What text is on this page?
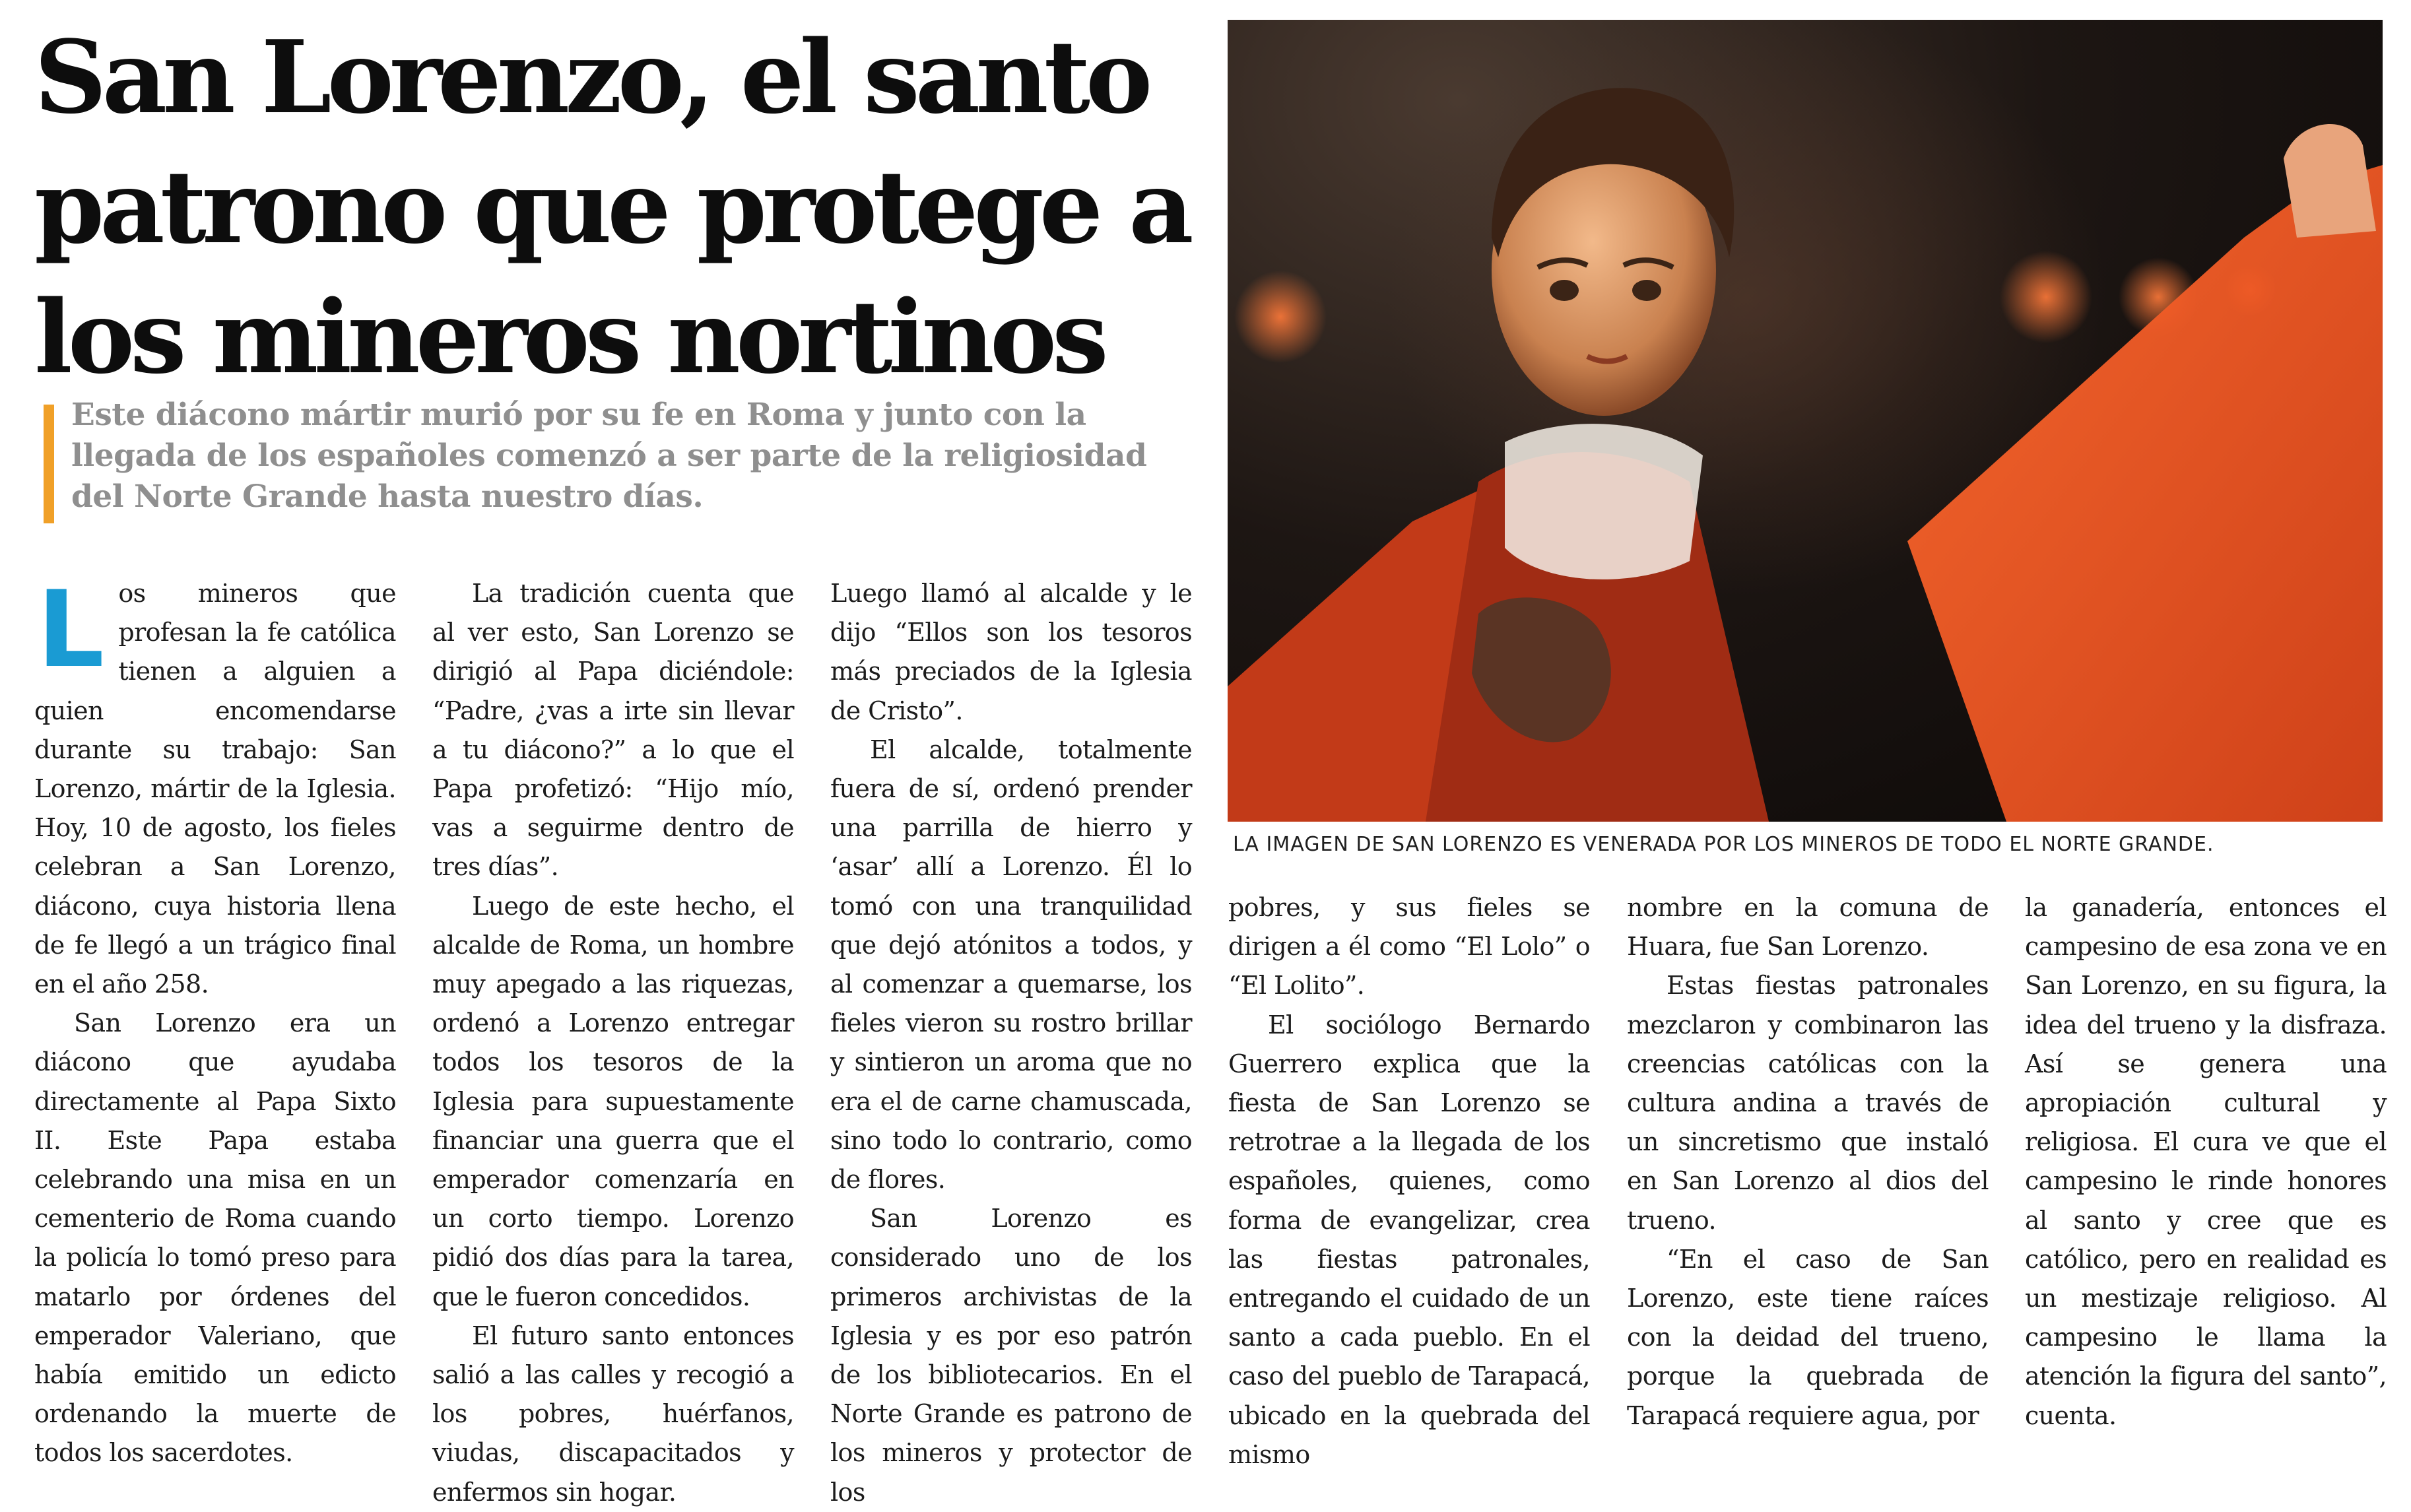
San Lorenzo, el santo patrono que protege a los mineros nortinos

Este diácono mártir murió por su fe en Roma y junto con la llegada de los españoles comenzó a ser parte de la religiosidad del Norte Grande hasta nuestro días.

Los mineros que profesan la fe católica tienen a alguien a quien encomendarse durante su trabajo: San Lorenzo, mártir de la Iglesia. Hoy, 10 de agosto, los fieles celebran a San Lorenzo, diácono, cuya historia llena de fe llegó a un trágico final en el año 258.

San Lorenzo era un diácono que ayudaba directamente al Papa Sixto II. Este Papa estaba celebrando una misa en un cementerio de Roma cuando la policía lo tomó preso para matarlo por órdenes del emperador Valeriano, que había emitido un edicto ordenando la muerte de todos los sacerdotes.

La tradición cuenta que al ver esto, San Lorenzo se dirigió al Papa diciéndole: “Padre, ¿vas a irte sin llevar a tu diácono?” a lo que el Papa profetizó: “Hijo mío, vas a seguirme dentro de tres días”.

Luego de este hecho, el alcalde de Roma, un hombre muy apegado a las riquezas, ordenó a Lorenzo entregar todos los tesoros de la Iglesia para supuestamente financiar una guerra que el emperador comenzaría en un corto tiempo. Lorenzo pidió dos días para la tarea, que le fueron concedidos.

El futuro santo entonces salió a las calles y recogió a los pobres, huérfanos, viudas, discapacitados y enfermos sin hogar.

Luego llamó al alcalde y le dijo “Ellos son los tesoros más preciados de la Iglesia de Cristo”.

El alcalde, totalmente fuera de sí, ordenó prender una parrilla de hierro y ‘asar’ allí a Lorenzo. Él lo tomó con una tranquilidad que dejó atónitos a todos, y al comenzar a quemarse, los fieles vieron su rostro brillar y sintieron un aroma que no era el de carne chamuscada, sino todo lo contrario, como de flores.

San Lorenzo es considerado uno de los primeros archivistas de la Iglesia y es por eso patrón de los bibliotecarios. En el Norte Grande es patrono de los mineros y protector de los

LA IMAGEN DE SAN LORENZO ES VENERADA POR LOS MINEROS DE TODO EL NORTE GRANDE.

pobres, y sus fieles se dirigen a él como “El Lolo” o “El Lolito”.

El sociólogo Bernardo Guerrero explica que la fiesta de San Lorenzo se retrotrae a la llegada de los españoles, quienes, como forma de evangelizar, crea las fiestas patronales, entregando el cuidado de un santo a cada pueblo. En el caso del pueblo de Tarapacá, ubicado en la quebrada del mismo

nombre en la comuna de Huara, fue San Lorenzo.

Estas fiestas patronales mezclaron y combinaron las creencias católicas con la cultura andina a través de un sincretismo que instaló en San Lorenzo al dios del trueno.

“En el caso de San Lorenzo, este tiene raíces con la deidad del trueno, porque la quebrada de Tarapacá requiere agua, por

la ganadería, entonces el campesino de esa zona ve en San Lorenzo, en su figura, la idea del trueno y la disfraza. Así se genera una apropiación cultural y religiosa. El cura ve que el campesino le rinde honores al santo y cree que es católico, pero en realidad es un mestizaje religioso. Al campesino le llama la atención la figura del santo”, cuenta.
